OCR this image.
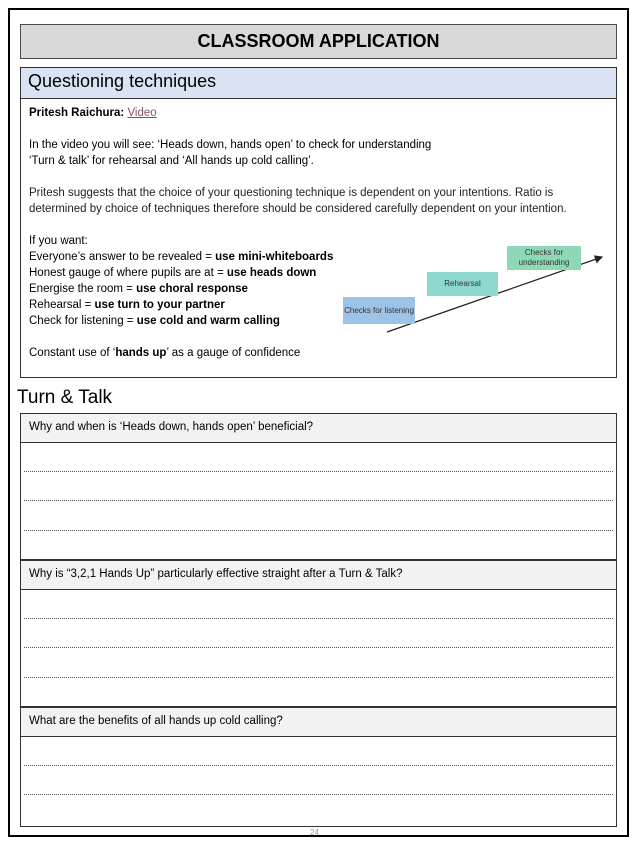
CLASSROOM APPLICATION
Questioning techniques
Pritesh Raichura: Video
In the video you will see: ‘Heads down, hands open’ to check for understanding
‘Turn & talk’ for rehearsal and ‘All hands up cold calling’.
Pritesh suggests that the choice of your questioning technique is dependent on your intentions. Ratio is determined by choice of techniques therefore should be considered carefully dependent on your intention.
If you want:
Everyone’s answer to be revealed = use mini-whiteboards
Honest gauge of where pupils are at = use heads down
Energise the room = use choral response
Rehearsal = use turn to your partner
Check for listening = use cold and warm calling
Constant use of ‘hands up’ as a gauge of confidence
Checks for listening
Rehearsal
Checks for understanding
Turn & Talk
Why and when is ‘Heads down, hands open’ beneficial?
Why is “3,2,1 Hands Up” particularly effective straight after a Turn & Talk?
What are the benefits of all hands up cold calling?
24
